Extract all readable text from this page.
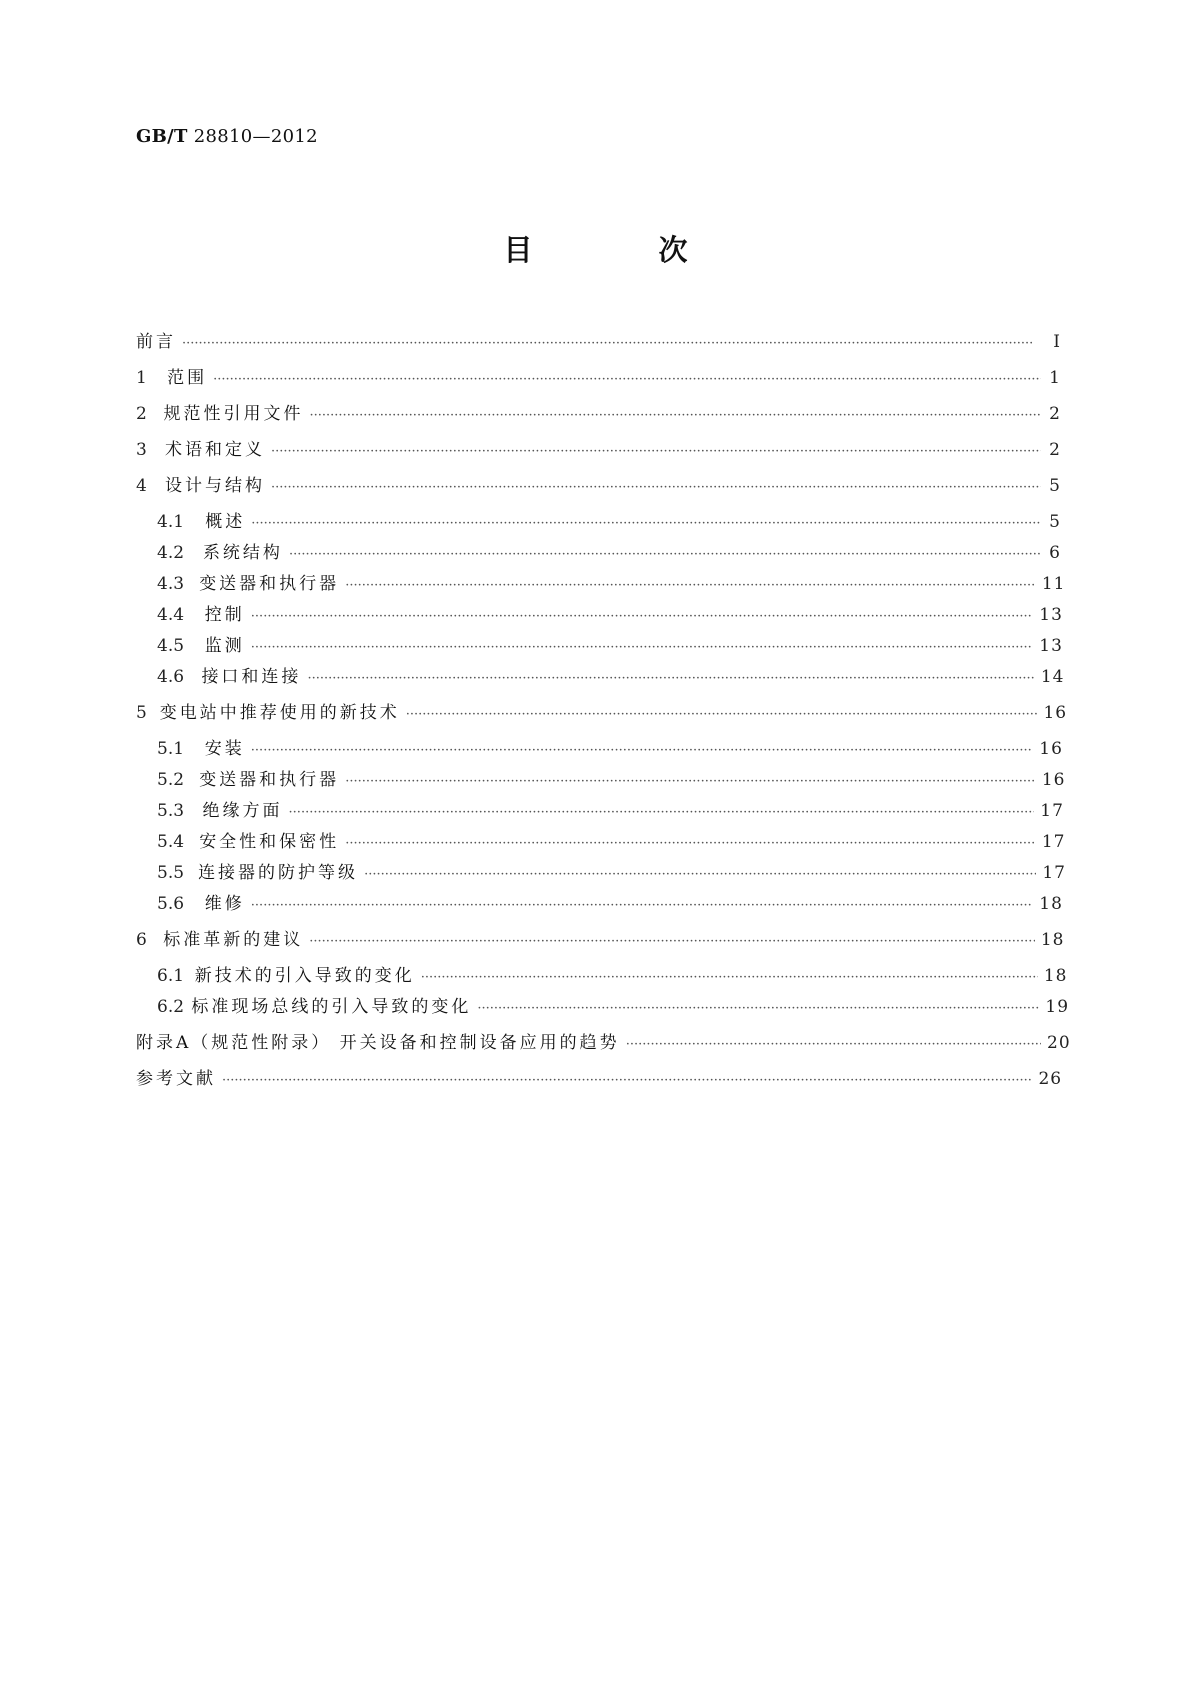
GB/T 28810—2012
目 次
前言 ·····	Ⅰ
1	范围 ·····	1
2 规范性引用文件 ·····	2
3	术语和定义 ·····	2
4	设计与结构 ·····	5
4.1	概述 ·····	5
4.2	系统结构 ·····	6
4.3 变送器和执行器 ·····	11
4.4	控制 ·····	13
4.5	监测 ·····	13
4.6	接口和连接 ·····	14
5 变电站中推荐使用的新技术 ·····	16
5.1	安装 ·····	16
5.2 变送器和执行器 ·····	16
5.3	绝缘方面 ·····	17
5.4 安全性和保密性 ·····	17
5.5 连接器的防护等级 ·····	17
5.6	维修 ·····	18
6 标准革新的建议 ·····	18
6.1 新技术的引入导致的变化 ·····	18
6.2 标准现场总线的引入导致的变化 ·····	19
附录A（规范性附录） 开关设备和控制设备应用的趋势 ·····	20
参考文献 ·····	26
